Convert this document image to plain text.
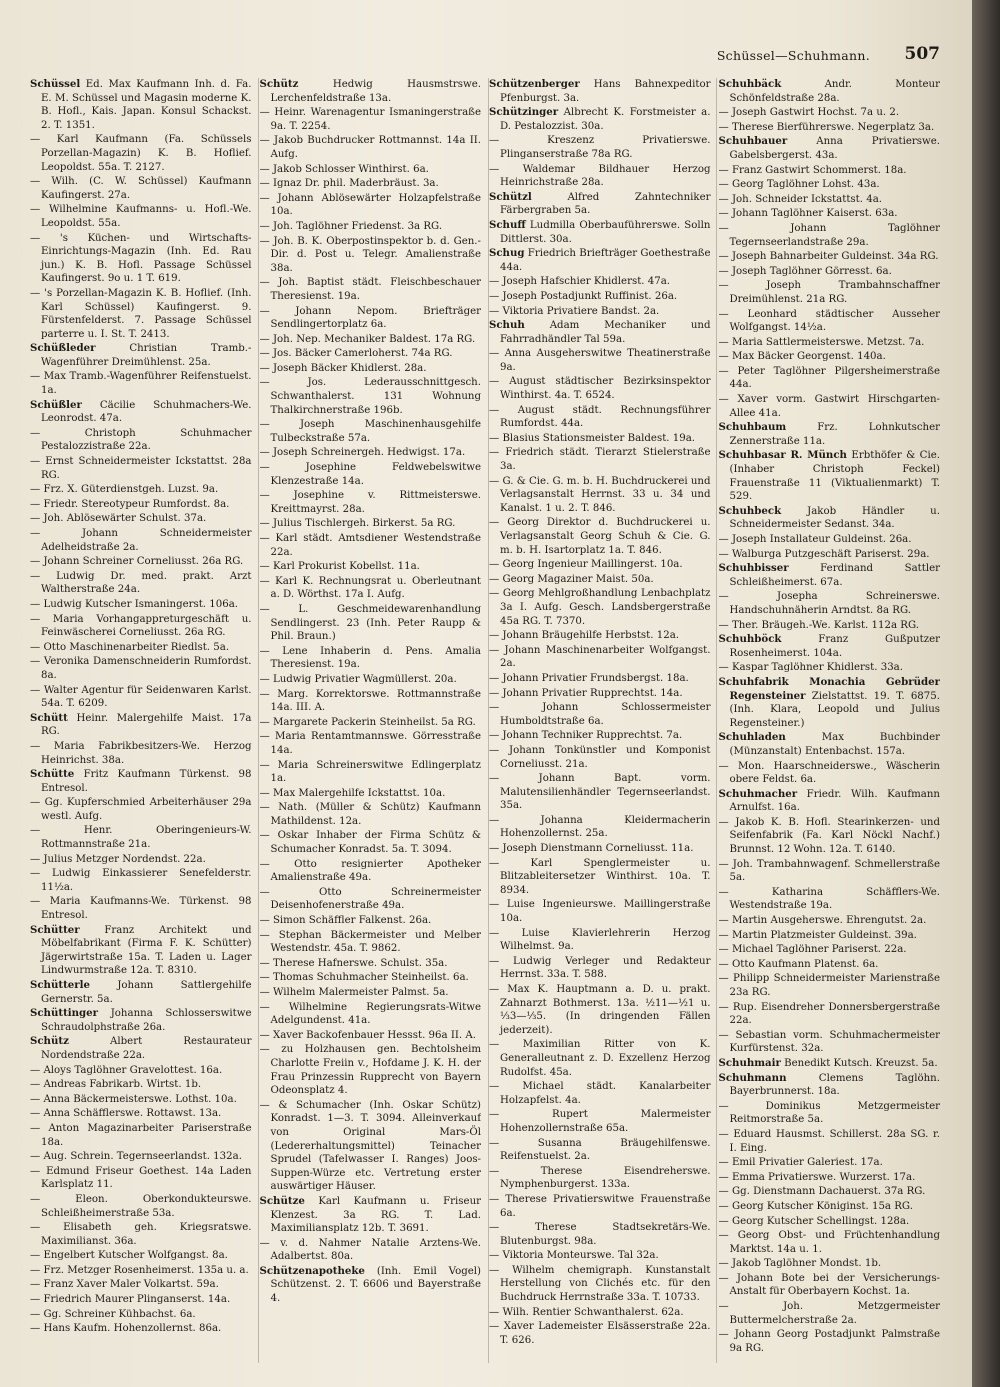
Schüssel—Schuhmann. 507

Schüssel Ed. Max Kaufmann Inh. d. Fa. E. M. Schüssel und Magasin moderne K. B. Hofl., Kais. Japan. Konsul Schackst. 2. T. 1351.

— Karl Kaufmann (Fa. Schüssels Porzellan-Magazin) K. B. Hoflief. Leopoldst. 55a. T. 2127.

— Wilh. (C. W. Schüssel) Kaufmann Kaufingerst. 27a.

— Wilhelmine Kaufmanns- u. Hofl.-We. Leopoldst. 55a.

— 's Küchen- und Wirtschafts-Einrichtungs-Magazin (Inh. Ed. Rau jun.) K. B. Hofl. Passage Schüssel Kaufingerst. 9o u. 1 T. 619.

— 's Porzellan-Magazin K. B. Hoflief. (Inh. Karl Schüssel) Kaufingerst. 9. Fürstenfelderst. 7. Passage Schüssel parterre u. I. St. T. 2413.

Schüßleder	Christian Tramb.-Wagenführer Dreimühlenst. 25a.

— Max Tramb.-Wagenführer Reifenstuelst. 1a.

Schüßler Cäcilie Schuhmachers-We. Leonrodst. 47a.

—	Christoph Schuhmacher Pestalozzistraße 22a.

— Ernst Schneidermeister Ickstattst. 28a RG.

— Frz. X. Güterdienstgeh. Luzst. 9a.

— Friedr. Stereotypeur Rumfordst. 8a.

— Joh. Ablösewärter Schulst. 37a.

—	Johann Schneidermeister Adelheidstraße 2a.

— Johann Schreiner Corneliusst. 26a RG.

— Ludwig Dr. med. prakt. Arzt Waltherstraße 24a.

— Ludwig Kutscher Ismaningerst. 106a.

— Maria Vorhangappreturgeschäft u. Feinwäscherei Corneliusst. 26a RG.

— Otto Maschinenarbeiter Riedlst. 5a.

— Veronika Damenschneiderin Rumfordst. 8a.

— Walter Agentur für Seidenwaren Karlst. 54a. T. 6209.

Schütt Heinr. Malergehilfe Maist. 17a RG.

— Maria Fabrikbesitzers-We. Herzog Heinrichst. 38a.

Schütte Fritz Kaufmann Türkenst. 98 Entresol.

— Gg. Kupferschmied Arbeiterhäuser 29a westl. Aufg.

—	Henr. Oberingenieurs-W. Rottmannstraße 21a.

— Julius Metzger Nordendst. 22a.

— Ludwig Einkassierer Senefelderstr. 11½a.

— Maria Kaufmanns-We. Türkenst. 98 Entresol.

Schütter Franz Architekt und Möbelfabrikant (Firma F. K. Schütter) Jägerwirtstraße 15a. T. Laden u. Lager Lindwurmstraße 12a. T. 8310.

Schütterle	Johann Sattlergehilfe Gernerstr. 5a.

Schüttinger Johanna Schlosserswitwe Schraudolphstraße 26a.

Schütz	Albert Restaurateur Nordendstraße 22a.

— Aloys Taglöhner Gravelottest. 16a.

— Andreas Fabrikarb. Wirtst. 1b.

— Anna Bäckermeisterswe. Lothst. 10a.

— Anna Schäfflerswe. Rottawst. 13a.

— Anton Magazinarbeiter Pariserstraße 18a.

— Aug. Schrein. Tegernseerlandst. 132a.

— Edmund Friseur Goethest. 14a Laden Karlsplatz 11.

—	Eleon. Oberkondukteurswe. Schleißheimerstraße 53a.

— Elisabeth geh. Kriegsratswe. Maximilianst. 36a.

— Engelbert Kutscher Wolfgangst. 8a.

— Frz. Metzger Rosenheimerst. 135a u. a.

— Franz Xaver Maler Volkartst. 59a.

— Friedrich Maurer Plinganserst. 14a.

— Gg. Schreiner Kühbachst. 6a.

— Hans Kaufm. Hohenzollernst. 86a.

Schütz	Hedwig Hausmstrswe. Lerchenfeldstraße 13a.

— Heinr. Warenagentur Ismaningerstraße 9a. T. 2254.

— Jakob Buchdrucker Rottmannst. 14a II. Aufg.

— Jakob Schlosser Winthirst. 6a.

— Ignaz Dr. phil. Maderbräust. 3a.

— Johann Ablösewärter Holzapfelstraße 10a.

— Joh. Taglöhner Friedenst. 3a RG.

— Joh. B. K. Oberpostinspektor b. d. Gen.-Dir. d. Post u. Telegr. Amalienstraße 38a.

— Joh. Baptist städt. Fleischbeschauer Theresienst. 19a.

—	Johann Nepom. Briefträger Sendlingertorplatz 6a.

— Joh. Nep. Mechaniker Baldest. 17a RG.

— Jos. Bäcker Camerloherst. 74a RG.

— Joseph Bäcker Khidlerst. 28a.

—	Jos. Lederausschnittgesch. Schwanthalerst. 131 Wohnung Thalkirchnerstraße 196b.

—	Joseph Maschinenhausgehilfe Tulbeckstraße 57a.

— Joseph Schreinergeh. Hedwigst. 17a.

—	Josephine Feldwebelswitwe Klenzestraße 14a.

— Josephine v. Rittmeisterswe. Kreittmayrst. 28a.

— Julius Tischlergeh. Birkerst. 5a RG.

— Karl städt. Amtsdiener Westendstraße 22a.

— Karl Prokurist Kobellst. 11a.

— Karl K. Rechnungsrat u. Oberleutnant a. D. Wörthst. 17a I. Aufg.

—	L. Geschmeidewarenhandlung Sendlingerst. 23 (Inh. Peter Raupp & Phil. Braun.)

— Lene Inhaberin d. Pens. Amalia Theresienst. 19a.

— Ludwig Privatier Wagmüllerst. 20a.

— Marg. Korrektorswe. Rottmannstraße 14a. III. A.

— Margarete Packerin Steinheilst. 5a RG.

— Maria Rentamtmannswe. Görresstraße 14a.

— Maria Schreinerswitwe Edlingerplatz 1a.

— Max Malergehilfe Ickstattst. 10a.

— Nath. (Müller & Schütz) Kaufmann Mathildenst. 12a.

— Oskar Inhaber der Firma Schütz & Schumacher Konradst. 5a. T. 3094.

— Otto resignierter Apotheker Amalienstraße 49a.

—	Otto Schreinermeister Deisenhofenerstraße 49a.

— Simon Schäffler Falkenst. 26a.

— Stephan Bäckermeister und Melber Westendstr. 45a. T. 9862.

— Therese Hafnerswe. Schulst. 35a.

— Thomas Schuhmacher Steinheilst. 6a.

— Wilhelm Malermeister Palmst. 5a.

— Wilhelmine Regierungsrats-Witwe Adelgundenst. 41a.

— Xaver Backofenbauer Hessst. 96a II. A.

— zu Holzhausen gen. Bechtolsheim Charlotte Freiin v., Hofdame J. K. H. der Frau Prinzessin Rupprecht von Bayern Odeonsplatz 4.

— & Schumacher (Inh. Oskar Schütz) Konradst. 1—3. T. 3094. Alleinverkauf von Original Mars-Öl (Ledererhaltungsmittel) Teinacher Sprudel (Tafelwasser I. Ranges) Joos-Suppen-Würze etc. Vertretung erster auswärtiger Häuser.

Schütze Karl Kaufmann u. Friseur Klenzest. 3a RG. T. Lad. Maximiliansplatz 12b. T. 3691.

— v. d. Nahmer Natalie Arztens-We. Adalbertst. 80a.

Schützenapotheke (Inh. Emil Vogel) Schützenst. 2. T. 6606 und Bayerstraße 4.

Schützenberger Hans Bahnexpeditor Pfenburgst. 3a.

Schützinger Albrecht K. Forstmeister a. D. Pestalozzist. 30a.

—	Kreszenz Privatierswe. Plinganserstraße 78a RG.

— Waldemar Bildhauer Herzog Heinrichstraße 28a.

Schützl	Alfred Zahntechniker Färbergraben 5a.

Schuff Ludmilla Oberbauführerswe. Solln Dittlerst. 30a.

Schug Friedrich Briefträger Goethestraße 44a.

— Joseph Hafschier Khidlerst. 47a.

— Joseph Postadjunkt Ruffinist. 26a.

— Viktoria Privatiere Bandst. 2a.

Schuh Adam Mechaniker und Fahrradhändler Tal 59a.

— Anna Ausgeherswitwe Theatinerstraße 9a.

— August städtischer Bezirksinspektor Winthirst. 4a. T. 6524.

— August städt. Rechnungsführer Rumfordst. 44a.

— Blasius Stationsmeister Baldest. 19a.

— Friedrich städt. Tierarzt Stielerstraße 3a.

— G. & Cie. G. m. b. H. Buchdruckerei und Verlagsanstalt Herrnst. 33 u. 34 und Kanalst. 1 u. 2. T. 846.

— Georg Direktor d. Buchdruckerei u. Verlagsanstalt Georg Schuh & Cie. G. m. b. H. Isartorplatz 1a. T. 846.

— Georg Ingenieur Maillingerst. 10a.

— Georg Magaziner Maist. 50a.

— Georg Mehlgroßhandlung Lenbachplatz 3a I. Aufg. Gesch. Landsbergerstraße 45a RG. T. 7370.

— Johann Bräugehilfe Herbstst. 12a.

— Johann Maschinenarbeiter Wolfgangst. 2a.

— Johann Privatier Frundsbergst. 18a.

— Johann Privatier Rupprechtst. 14a.

—	Johann Schlossermeister Humboldtstraße 6a.

— Johann Techniker Rupprechtst. 7a.

— Johann Tonkünstler und Komponist Corneliusst. 21a.

—	Johann Bapt. vorm. Malutensilienhändler Tegernseerlandst. 35a.

—	Johanna Kleidermacherin Hohenzollernst. 25a.

— Joseph Dienstmann Corneliusst. 11a.

—	Karl Spenglermeister u. Blitzableitersetzer Winthirst. 10a. T. 8934.

— Luise Ingenieurswe. Maillingerstraße 10a.

— Luise Klavierlehrerin Herzog Wilhelmst. 9a.

— Ludwig Verleger und Redakteur Herrnst. 33a. T. 588.

— Max K. Hauptmann a. D. u. prakt. Zahnarzt Bothmerst. 13a. ½11—½1 u. ⅓3—⅓5. (In dringenden Fällen jederzeit).

— Maximilian Ritter von K. Generalleutnant z. D. Exzellenz Herzog Rudolfst. 45a.

— Michael städt. Kanalarbeiter Holzapfelst. 4a.

—	Rupert Malermeister Hohenzollernstraße 65a.

—	Susanna Bräugehilfenswe. Reifenstuelst. 2a.

—	Therese Eisendreherswe. Nymphenburgerst. 133a.

— Therese Privatierswitwe Frauenstraße 6a.

—	Therese Stadtsekretärs-We. Blutenburgst. 98a.

— Viktoria Monteurswe. Tal 32a.

— Wilhelm chemigraph. Kunstanstalt Herstellung von Clichés etc. für den Buchdruck Herrnstraße 33a. T. 10733.

— Wilh. Rentier Schwanthalerst. 62a.

— Xaver Lademeister Elsässerstraße 22a. T. 626.

Schuhbäck	Andr. Monteur Schönfeldstraße 28a.

— Joseph Gastwirt Hochst. 7a u. 2.

— Therese Bierführerswe. Negerplatz 3a.

Schuhbauer	Anna Privatierswe. Gabelsbergerst. 43a.

— Franz Gastwirt Schommerst. 18a.

— Georg Taglöhner Lohst. 43a.

— Joh. Schneider Ickstattst. 4a.

— Johann Taglöhner Kaiserst. 63a.

—	Johann Taglöhner Tegernseerlandstraße 29a.

— Joseph Bahnarbeiter Guldeinst. 34a RG.

— Joseph Taglöhner Görresst. 6a.

—	Joseph Trambahnschaffner Dreimühlenst. 21a RG.

— Leonhard städtischer Ausseher Wolfgangst. 14½a.

— Maria Sattlermeisterswe. Metzst. 7a.

— Max Bäcker Georgenst. 140a.

— Peter Taglöhner Pilgersheimerstraße 44a.

— Xaver vorm. Gastwirt Hirschgarten-Allee 41a.

Schuhbaum	Frz. Lohnkutscher Zennerstraße 11a.

Schuhbasar R. Münch Erbthöfer & Cie. (Inhaber Christoph Feckel) Frauenstraße 11 (Viktualienmarkt) T. 529.

Schuhbeck	Jakob Händler u. Schneidermeister Sedanst. 34a.

— Joseph Installateur Guldeinst. 26a.

— Walburga Putzgeschäft Pariserst. 29a.

Schuhbisser	Ferdinand Sattler Schleißheimerst. 67a.

—	Josepha Schreinerswe. Handschuhnäherin Arndtst. 8a RG.

— Ther. Bräugeh.-We. Karlst. 112a RG.

Schuhböck	Franz Gußputzer Rosenheimerst. 104a.

— Kaspar Taglöhner Khidlerst. 33a.

Schuhfabrik Monachia Gebrüder Regensteiner Zielstattst. 19. T. 6875. (Inh. Klara, Leopold und Julius Regensteiner.)

Schuhladen	Max Buchbinder (Münzanstalt) Entenbachst. 157a.

— Mon. Haarschneiderswe., Wäscherin obere Feldst. 6a.

Schuhmacher Friedr. Wilh. Kaufmann Arnulfst. 16a.

— Jakob K. B. Hofl. Stearinkerzen- und Seifenfabrik (Fa. Karl Nöckl Nachf.) Brunnst. 12 Wohn. 12a. T. 6140.

— Joh. Trambahnwagenf. Schmellerstraße 5a.

—	Katharina Schäfflers-We. Westendstraße 19a.

— Martin Ausgeherswe. Ehrengutst. 2a.

— Martin Platzmeister Guldeinst. 39a.

— Michael Taglöhner Pariserst. 22a.

— Otto Kaufmann Platenst. 6a.

— Philipp Schneidermeister Marienstraße 23a RG.

— Rup. Eisendreher Donnersbergerstraße 22a.

— Sebastian vorm. Schuhmachermeister Kurfürstenst. 32a.

Schuhmair Benedikt Kutsch. Kreuzst. 5a.

Schuhmann	Clemens Taglöhn. Bayerbrunnerst. 18a.

—	Dominikus Metzgermeister Reitmorstraße 5a.

— Eduard Hausmst. Schillerst. 28a SG. r. I. Eing.

— Emil Privatier Galeriest. 17a.

— Emma Privatierswe. Wurzerst. 17a.

— Gg. Dienstmann Dachauerst. 37a RG.

— Georg Kutscher Königinst. 15a RG.

— Georg Kutscher Schellingst. 128a.

— Georg Obst- und Früchtenhandlung Marktst. 14a u. 1.

— Jakob Taglöhner Mondst. 1b.

— Johann Bote bei der Versicherungs-Anstalt für Oberbayern Kochst. 1a.

—	Joh. Metzgermeister Buttermelcherstraße 2a.

— Johann Georg Postadjunkt Palmstraße 9a RG.
